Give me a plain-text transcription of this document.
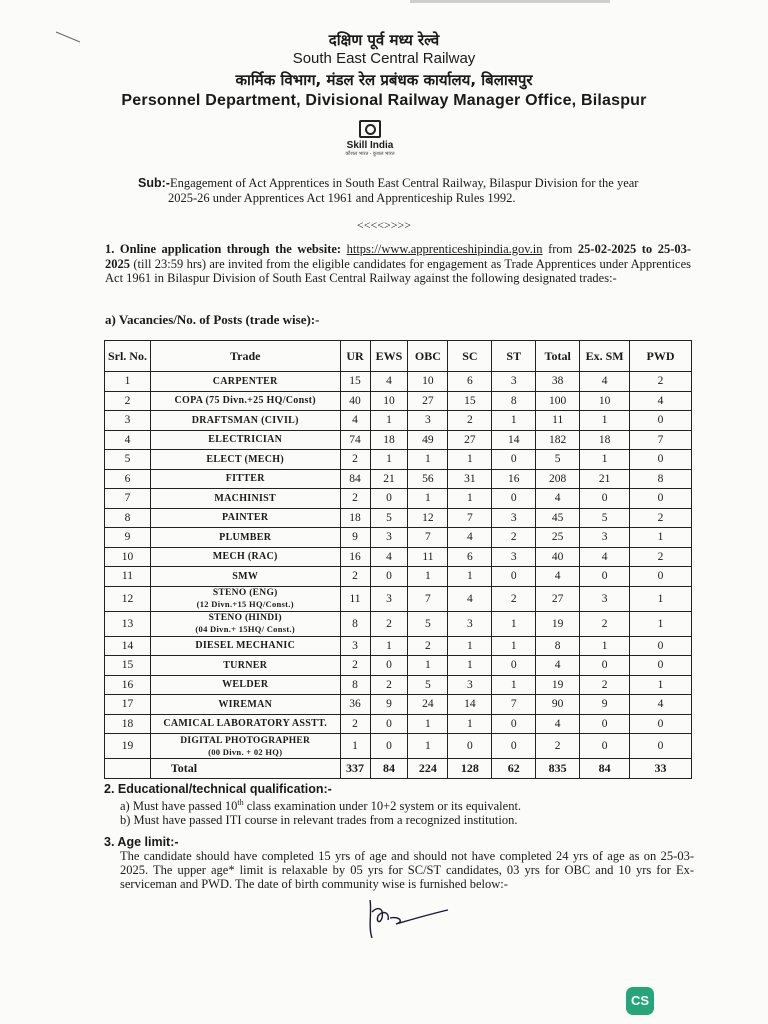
दक्षिण पूर्व मध्य रेल्वे
South East Central Railway
कार्मिक विभाग, मंडल रेल प्रबंधक कार्यालय, बिलासपुर
Personnel Department, Divisional Railway Manager Office, Bilaspur
Skill India
कौशल भारत - कुशल भारत
Sub:-Engagement of Act Apprentices in South East Central Railway, Bilaspur Division for the year
2025-26 under Apprentices Act 1961 and Apprenticeship Rules 1992.
<<<<>>>>
1. Online application through the website: https://www.apprenticeshipindia.gov.in from 25-02-2025 to 25-03-2025 (till 23:59 hrs) are invited from the eligible candidates for engagement as Trade Apprentices under Apprentices Act 1961 in Bilaspur Division of South East Central Railway against the following designated trades:-
a) Vacancies/No. of Posts (trade wise):-
Srl. No.	Trade	UR	EWS	OBC	SC	ST	Total	Ex. SM	PWD
1	CARPENTER	15	4	10	6	3	38	4	2
2	COPA (75 Divn.+25 HQ/Const)	40	10	27	15	8	100	10	4
3	DRAFTSMAN (CIVIL)	4	1	3	2	1	11	1	0
4	ELECTRICIAN	74	18	49	27	14	182	18	7
5	ELECT (MECH)	2	1	1	1	0	5	1	0
6	FITTER	84	21	56	31	16	208	21	8
7	MACHINIST	2	0	1	1	0	4	0	0
8	PAINTER	18	5	12	7	3	45	5	2
9	PLUMBER	9	3	7	4	2	25	3	1
10	MECH (RAC)	16	4	11	6	3	40	4	2
11	SMW	2	0	1	1	0	4	0	0
12	STENO (ENG)
(12 Divn.+15 HQ/Const.)	11	3	7	4	2	27	3	1
13	STENO (HINDI)
(04 Divn.+ 15HQ/ Const.)	8	2	5	3	1	19	2	1
14	DIESEL MECHANIC	3	1	2	1	1	8	1	0
15	TURNER	2	0	1	1	0	4	0	0
16	WELDER	8	2	5	3	1	19	2	1
17	WIREMAN	36	9	24	14	7	90	9	4
18	CAMICAL LABORATORY ASSTT.	2	0	1	1	0	4	0	0
19	DIGITAL PHOTOGRAPHER
(00 Divn. + 02 HQ)	1	0	1	0	0	2	0	0
	Total	337	84	224	128	62	835	84	33
2. Educational/technical qualification:-
a) Must have passed 10th class examination under 10+2 system or its equivalent.
b) Must have passed ITI course in relevant trades from a recognized institution.
3. Age limit:-
The candidate should have completed 15 yrs of age and should not have completed 24 yrs of age as on 25-03-2025. The upper age* limit is relaxable by 05 yrs for SC/ST candidates, 03 yrs for OBC and 10 yrs for Ex-serviceman and PWD. The date of birth community wise is furnished below:-
CS
